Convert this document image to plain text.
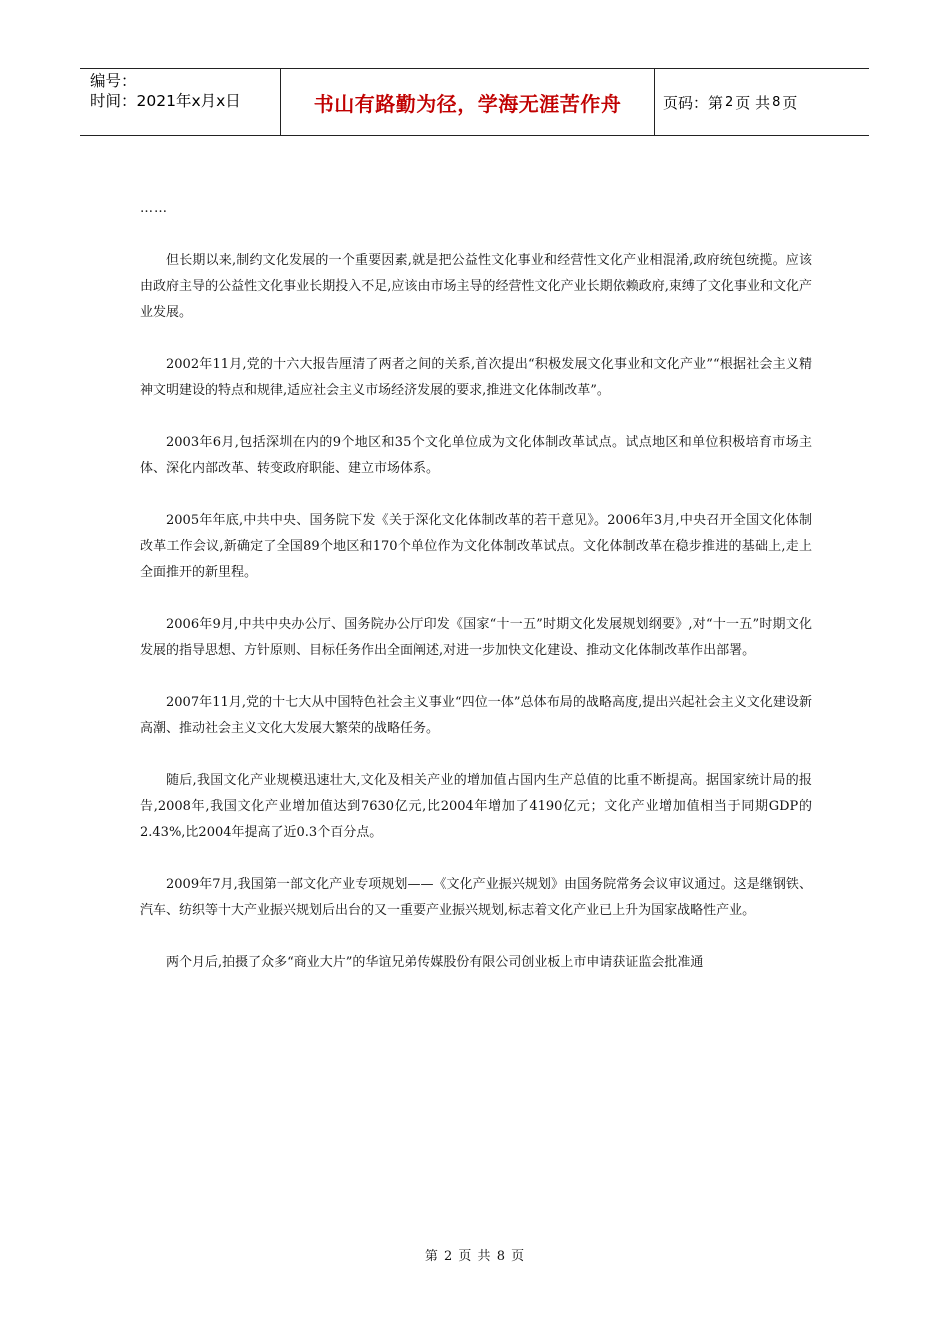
编号：
时间：2021年x月x日	书山有路勤为径，学海无涯苦作舟	页码：第 2 页 共 8 页

……

但长期以来,制约文化发展的一个重要因素,就是把公益性文化事业和经营性文化产业相混淆,政府统包统揽。应该由政府主导的公益性文化事业长期投入不足,应该由市场主导的经营性文化产业长期依赖政府,束缚了文化事业和文化产业发展。

2002年11月,党的十六大报告厘清了两者之间的关系,首次提出“积极发展文化事业和文化产业”“根据社会主义精神文明建设的特点和规律,适应社会主义市场经济发展的要求,推进文化体制改革”。

2003年6月,包括深圳在内的9个地区和35个文化单位成为文化体制改革试点。试点地区和单位积极培育市场主体、深化内部改革、转变政府职能、建立市场体系。

2005年年底,中共中央、国务院下发《关于深化文化体制改革的若干意见》。2006年3月,中央召开全国文化体制改革工作会议,新确定了全国89个地区和170个单位作为文化体制改革试点。文化体制改革在稳步推进的基础上,走上全面推开的新里程。

2006年9月,中共中央办公厅、国务院办公厅印发《国家“十一五”时期文化发展规划纲要》,对“十一五”时期文化发展的指导思想、方针原则、目标任务作出全面阐述,对进一步加快文化建设、推动文化体制改革作出部署。

2007年11月,党的十七大从中国特色社会主义事业“四位一体”总体布局的战略高度,提出兴起社会主义文化建设新高潮、推动社会主义文化大发展大繁荣的战略任务。

随后,我国文化产业规模迅速壮大,文化及相关产业的增加值占国内生产总值的比重不断提高。据国家统计局的报告,2008年,我国文化产业增加值达到7630亿元,比2004年增加了4190亿元；文化产业增加值相当于同期GDP的2.43%,比2004年提高了近0.3个百分点。

2009年7月,我国第一部文化产业专项规划——《文化产业振兴规划》由国务院常务会议审议通过。这是继钢铁、汽车、纺织等十大产业振兴规划后出台的又一重要产业振兴规划,标志着文化产业已上升为国家战略性产业。

两个月后,拍摄了众多“商业大片”的华谊兄弟传媒股份有限公司创业板上市申请获证监会批准通

第 2 页 共 8 页
